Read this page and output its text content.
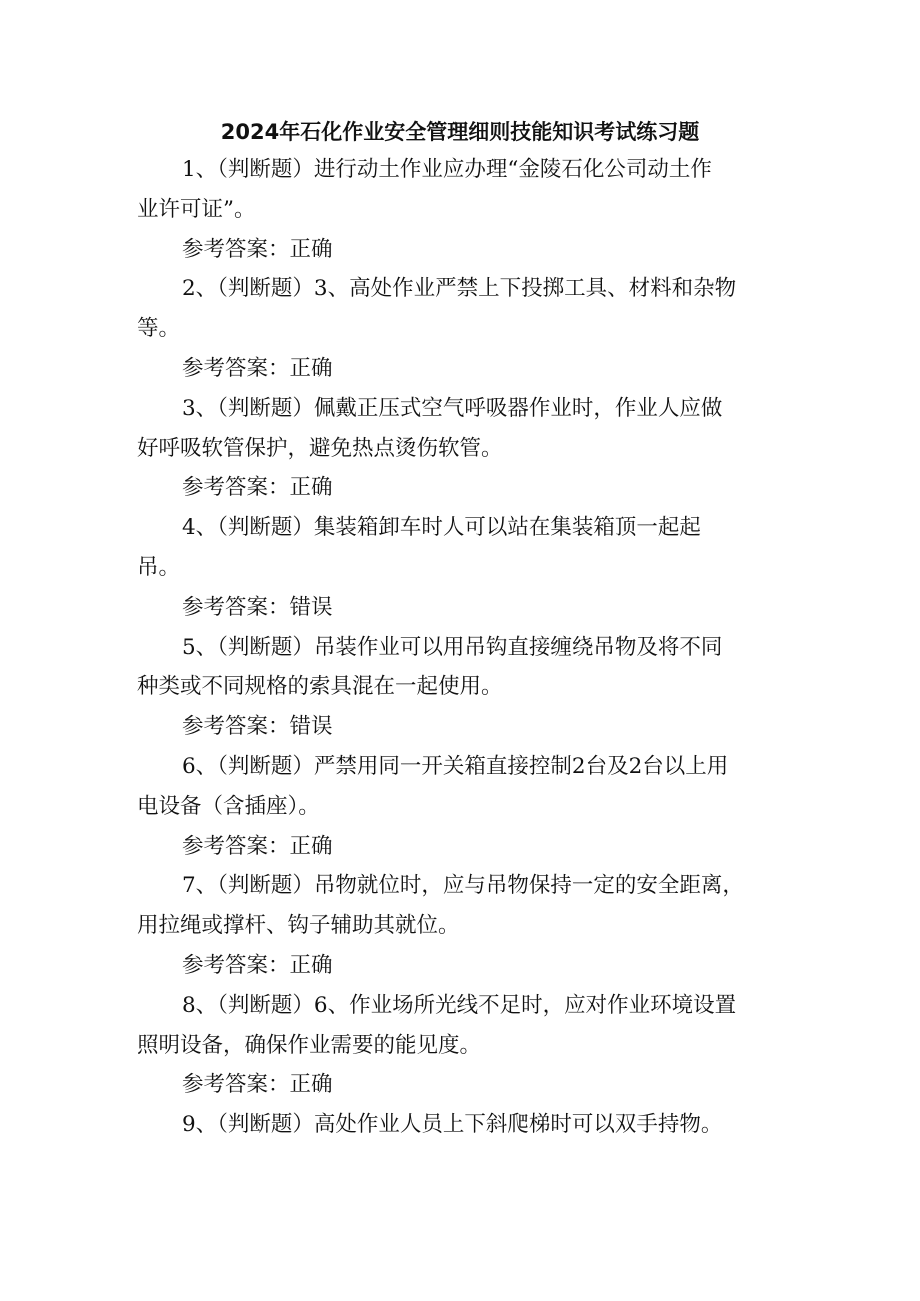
2024年石化作业安全管理细则技能知识考试练习题
1、（判断题）进行动土作业应办理“金陵石化公司动土作
业许可证”。
参考答案：正确
2、（判断题）3、高处作业严禁上下投掷工具、材料和杂物
等。
参考答案：正确
3、（判断题）佩戴正压式空气呼吸器作业时，作业人应做
好呼吸软管保护，避免热点烫伤软管。
参考答案：正确
4、（判断题）集装箱卸车时人可以站在集装箱顶一起起
吊。
参考答案：错误
5、（判断题）吊装作业可以用吊钩直接缠绕吊物及将不同
种类或不同规格的索具混在一起使用。
参考答案：错误
6、（判断题）严禁用同一开关箱直接控制2台及2台以上用
电设备（含插座）。
参考答案：正确
7、（判断题）吊物就位时，应与吊物保持一定的安全距离，
用拉绳或撑杆、钩子辅助其就位。
参考答案：正确
8、（判断题）6、作业场所光线不足时，应对作业环境设置
照明设备，确保作业需要的能见度。
参考答案：正确
9、（判断题）高处作业人员上下斜爬梯时可以双手持物。
